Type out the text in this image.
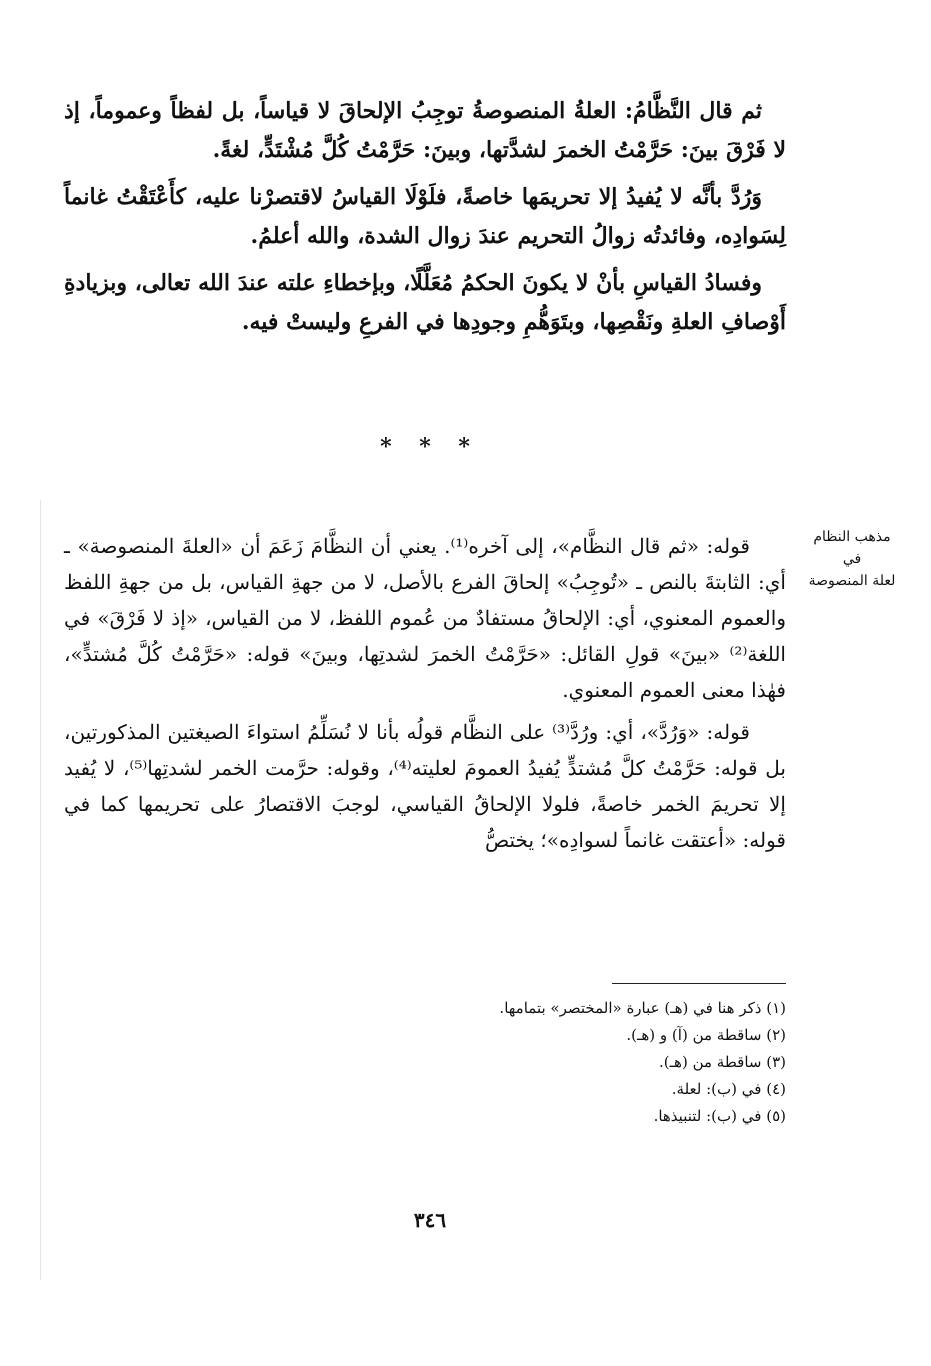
ثم قال النَّظَّامُ: العلةُ المنصوصةُ توجِبُ الإلحاقَ لا قياساً، بل لفظاً وعموماً، إذ لا فَرْقَ بينَ: حَرَّمْتُ الخمرَ لشدَّتها، وبينَ: حَرَّمْتُ كُلَّ مُشْتَدٍّ، لغةً.

وَرُدَّ بأنَّه لا يُفيدُ إلا تحريمَها خاصةً، فلَوْلَا القياسُ لاقتصرْنا عليه، كأَعْتَقْتُ غانماً لِسَوادِه، وفائدتُه زوالُ التحريم عندَ زوال الشدة، والله أعلمُ.

وفسادُ القياسِ بأنْ لا يكونَ الحكمُ مُعَلَّلًا، وبإخطاءِ علته عندَ الله تعالى، وبزيادةِ أَوْصافِ العلةِ ونَقْصِها، وبتَوَهُّمِ وجودِها في الفرعِ وليستْ فيه.

* * *
مذهب النظام
في
لعلة المنصوصة

قوله: «ثم قال النظَّام»، إلى آخره⁽¹⁾. يعني أن النظَّامَ زَعَمَ أن «العلةَ المنصوصة» ـ أي: الثابتةَ بالنص ـ «تُوجِبُ» إلحاقَ الفرع بالأصل، لا من جهةِ القياس، بل من جهةِ اللفظ والعموم المعنوي، أي: الإلحاقُ مستفادٌ من عُموم اللفظ، لا من القياس، «إذ لا فَرْقَ» في اللغة⁽²⁾ «بينَ» قولِ القائل: «حَرَّمْتُ الخمرَ لشدتِها، وبينَ» قوله: «حَرَّمْتُ كُلَّ مُشتدٍّ»، فهٰذا معنى العموم المعنوي.

قوله: «وَرُدَّ»، أي: ورُدَّ⁽³⁾ على النظَّام قولُه بأنا لا نُسَلِّمُ استواءَ الصيغتين المذكورتين، بل قوله: حَرَّمْتُ كلَّ مُشتدٍّ يُفيدُ العمومَ لعليته⁽⁴⁾، وقوله: حرَّمت الخمر لشدتِها⁽⁵⁾، لا يُفيد إلا تحريمَ الخمر خاصةً، فلولا الإلحاقُ القياسي، لوجبَ الاقتصارُ على تحريمها كما في قوله: «أعتقت غانماً لسوادِه»؛ يختصُّ

(١) ذكر هنا في (هـ) عبارة «المختصر» بتمامها.
(٢) ساقطة من (آ) و (هـ).
(٣) ساقطة من (هـ).
(٤) في (ب): لعلة.
(٥) في (ب): لتنبيذها.
٣٤٦
